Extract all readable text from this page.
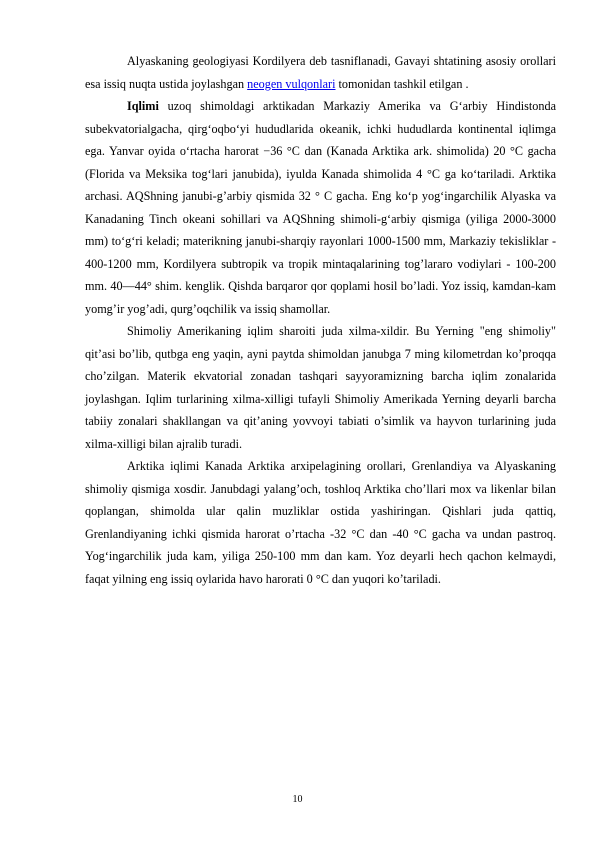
Alyaskaning geologiyasi Kordilyera deb tasniflanadi, Gavayi shtatining asosiy orollari esa issiq nuqta ustida joylashgan neogen vulqonlari tomonidan tashkil etilgan .

Iqlimi uzoq shimoldagi arktikadan Markaziy Amerika va G‘arbiy Hindistonda subekvatorialgacha, qirg‘oqbo‘yi hududlarida okeanik, ichki hududlarda kontinental iqlimga ega. Yanvar oyida o‘rtacha harorat −36 °C dan (Kanada Arktika ark. shimolida) 20 °C gacha (Florida va Meksika tog‘lari janubida), iyulda Kanada shimolida 4 °C ga ko‘tariladi. Arktika archasi. AQShning janubi-g’arbiy qismida 32 ° C gacha. Eng ko‘p yog‘ingarchilik Alyaska va Kanadaning Tinch okeani sohillari va AQShning shimoli-g‘arbiy qismiga (yiliga 2000-3000 mm) to‘g‘ri keladi; materikning janubi-sharqiy rayonlari 1000-1500 mm, Markaziy tekisliklar - 400-1200 mm, Kordilyera subtropik va tropik mintaqalarining tog’lararo vodiylari - 100-200 mm. 40—44° shim. kenglik. Qishda barqaror qor qoplami hosil bo’ladi. Yoz issiq, kamdan-kam yomg’ir yog’adi, qurg’oqchilik va issiq shamollar.

Shimoliy Amerikaning iqlim sharoiti juda xilma-xildir. Bu Yerning "eng shimoliy" qit’asi bo’lib, qutbga eng yaqin, ayni paytda shimoldan janubga 7 ming kilometrdan ko’proqqa cho’zilgan. Materik ekvatorial zonadan tashqari sayyoramizning barcha iqlim zonalarida joylashgan. Iqlim turlarining xilma-xilligi tufayli Shimoliy Amerikada Yerning deyarli barcha tabiiy zonalari shakllangan va qit’aning yovvoyi tabiati o’simlik va hayvon turlarining juda xilma-xilligi bilan ajralib turadi.

Arktika iqlimi Kanada Arktika arxipelagining orollari, Grenlandiya va Alyaskaning shimoliy qismiga xosdir. Janubdagi yalang’och, toshloq Arktika cho’llari mox va likenlar bilan qoplangan, shimolda ular qalin muzliklar ostida yashiringan. Qishlari juda qattiq, Grenlandiyaning ichki qismida harorat o’rtacha -32 °C dan -40 °C gacha va undan pastroq. Yog‘ingarchilik juda kam, yiliga 250-100 mm dan kam. Yoz deyarli hech qachon kelmaydi, faqat yilning eng issiq oylarida havo harorati 0 °C dan yuqori ko’tariladi.

10
